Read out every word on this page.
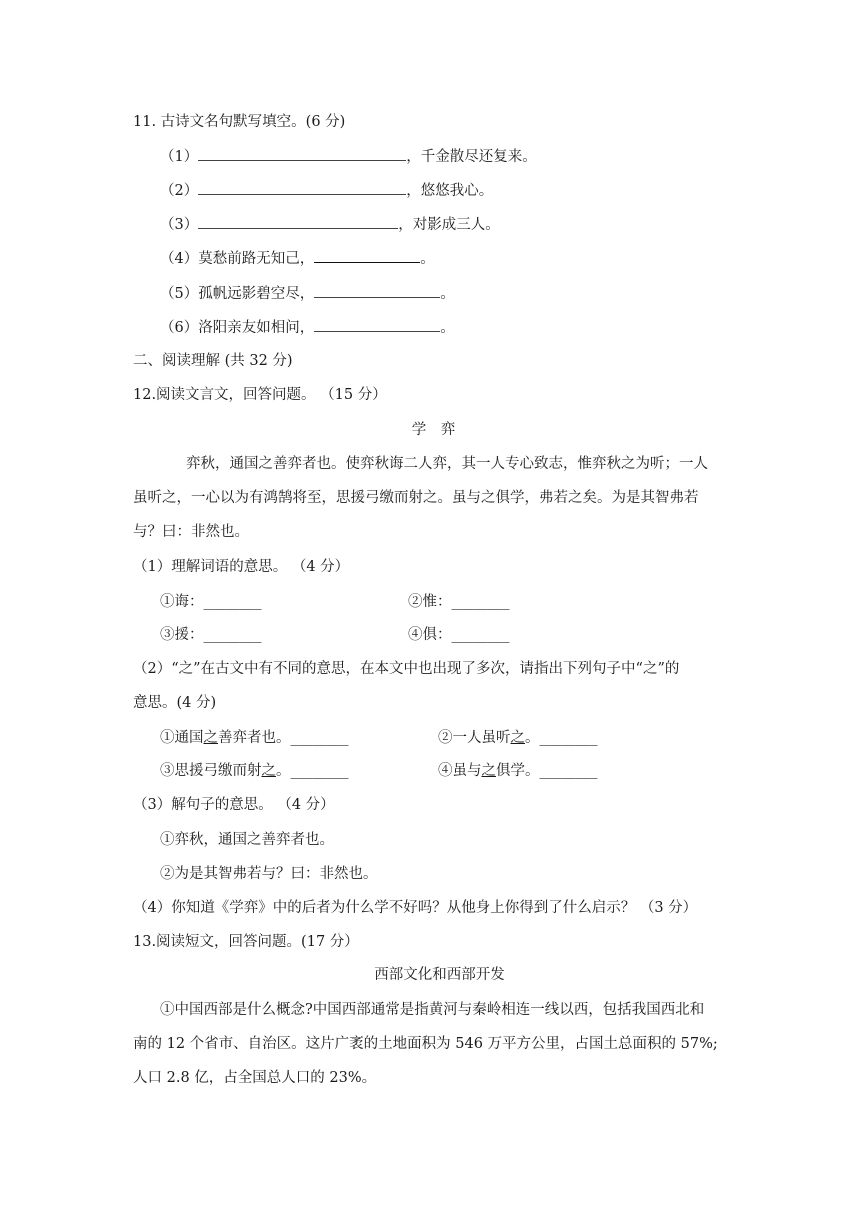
11. 古诗文名句默写填空。(6 分)
（1）	，千金散尽还复来。
（2）	，悠悠我心。
（3）	，对影成三人。
（4）莫愁前路无知己，	。
（5）孤帆远影碧空尽，	。
（6）洛阳亲友如相问，	。
二、阅读理解 (共 32 分)
12.阅读文言文，回答问题。 （15 分）
学　弈
弈秋，通国之善弈者也。使弈秋诲二人弈，其一人专心致志，惟弈秋之为听；一人
虽听之，一心以为有鸿鹄将至，思援弓缴而射之。虽与之俱学，弗若之矣。为是其智弗若
与？曰：非然也。
（1）理解词语的意思。 （4 分）
①诲：________	②惟：________
③援：________	④俱：________
（2）“之”在古文中有不同的意思，在本文中也出现了多次，请指出下列句子中“之”的
意思。(4 分)
①通国之善弈者也。________	②一人虽听之。________
③思援弓缴而射之。________	④虽与之俱学。________
（3）解句子的意思。 （4 分）
①弈秋，通国之善弈者也。
②为是其智弗若与？曰：非然也。
（4）你知道《学弈》中的后者为什么学不好吗？从他身上你得到了什么启示？ （3 分）
13.阅读短文，回答问题。(17 分）
西部文化和西部开发
①中国西部是什么概念?中国西部通常是指黄河与秦岭相连一线以西，包括我国西北和
南的 12 个省市、自治区。这片广袤的土地面积为 546 万平方公里，占国土总面积的 57%;
人口 2.8 亿，占全国总人口的 23%。
